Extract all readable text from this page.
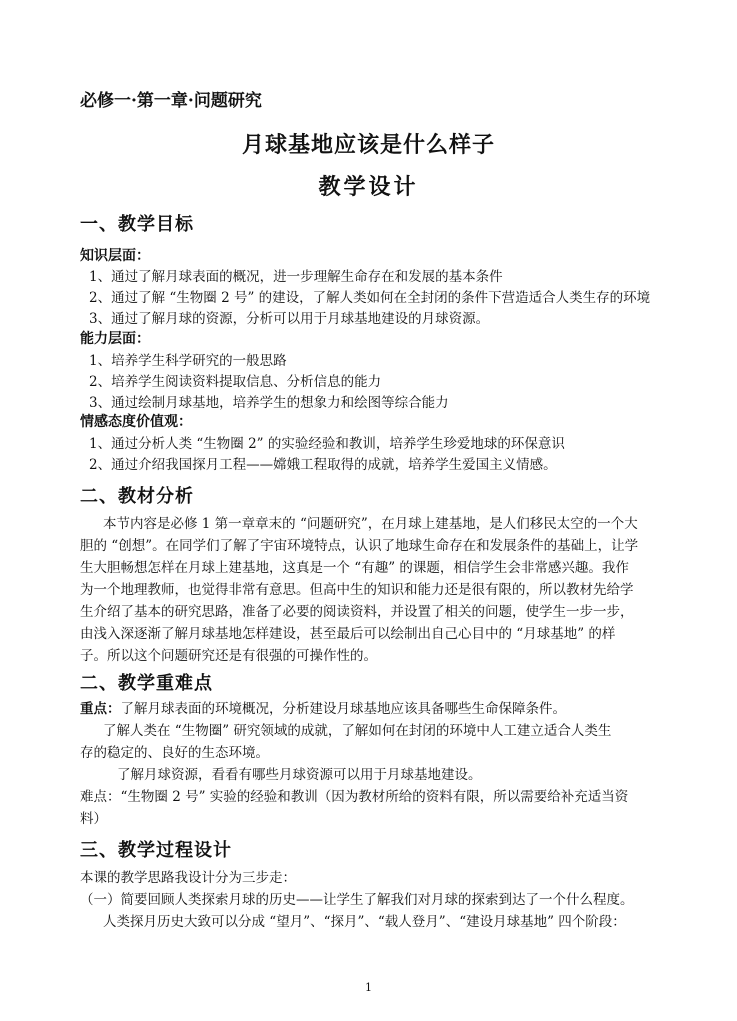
必修一·第一章·问题研究
月球基地应该是什么样子
教学设计
一、教学目标
知识层面：
1、通过了解月球表面的概况，进一步理解生命存在和发展的基本条件
2、通过了解 “生物圈 2 号” 的建设，了解人类如何在全封闭的条件下营造适合人类生存的环境
3、通过了解月球的资源，分析可以用于月球基地建设的月球资源。
能力层面：
1、培养学生科学研究的一般思路
2、培养学生阅读资料提取信息、分析信息的能力
3、通过绘制月球基地，培养学生的想象力和绘图等综合能力
情感态度价值观：
1、通过分析人类 “生物圈 2” 的实验经验和教训，培养学生珍爱地球的环保意识
2、通过介绍我国探月工程——嫦娥工程取得的成就，培养学生爱国主义情感。
二、教材分析
本节内容是必修 1 第一章章末的 “问题研究”，在月球上建基地，是人们移民太空的一个大
胆的 “创想”。在同学们了解了宇宙环境特点，认识了地球生命存在和发展条件的基础上，让学
生大胆畅想怎样在月球上建基地，这真是一个 “有趣” 的课题，相信学生会非常感兴趣。我作
为一个地理教师，也觉得非常有意思。但高中生的知识和能力还是很有限的，所以教材先给学
生介绍了基本的研究思路，准备了必要的阅读资料，并设置了相关的问题，使学生一步一步，
由浅入深逐渐了解月球基地怎样建设，甚至最后可以绘制出自己心目中的 “月球基地” 的样
子。所以这个问题研究还是有很强的可操作性的。
二、教学重难点
重点：了解月球表面的环境概况，分析建设月球基地应该具备哪些生命保障条件。
了解人类在 “生物圈” 研究领域的成就，了解如何在封闭的环境中人工建立适合人类生
存的稳定的、良好的生态环境。
了解月球资源，看看有哪些月球资源可以用于月球基地建设。
难点：“生物圈 2 号” 实验的经验和教训（因为教材所给的资料有限，所以需要给补充适当资
料）
三、教学过程设计
本课的教学思路我设计分为三步走：
（一）简要回顾人类探索月球的历史——让学生了解我们对月球的探索到达了一个什么程度。
人类探月历史大致可以分成 “望月”、“探月”、“载人登月”、“建设月球基地” 四个阶段：
1
